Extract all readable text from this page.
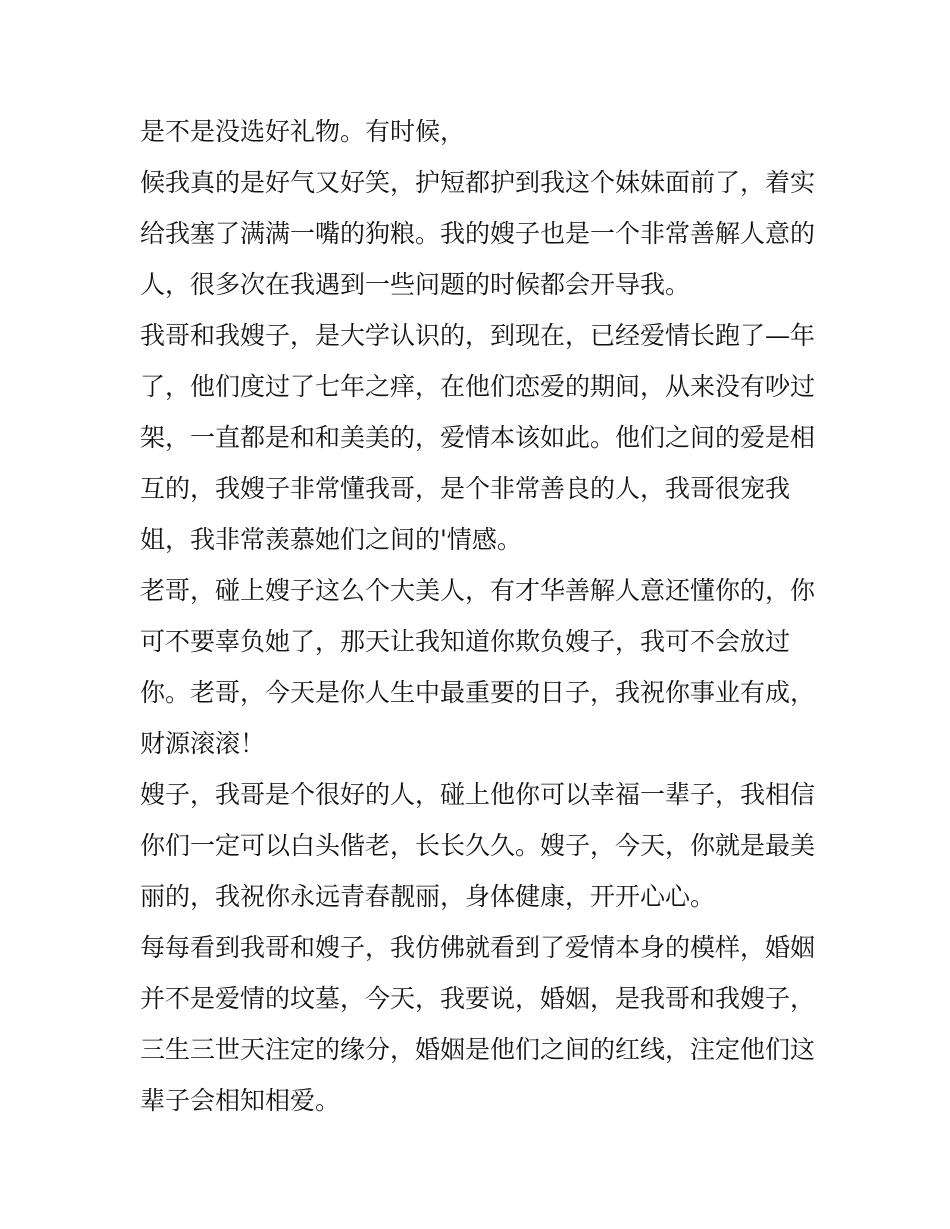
是不是没选好礼物。有时候，
候我真的是好气又好笑，护短都护到我这个妹妹面前了，着实
给我塞了满满一嘴的狗粮。我的嫂子也是一个非常善解人意的
人，很多次在我遇到一些问题的时候都会开导我。
我哥和我嫂子，是大学认识的，到现在，已经爱情长跑了—年
了，他们度过了七年之痒，在他们恋爱的期间，从来没有吵过
架，一直都是和和美美的，爱情本该如此。他们之间的爱是相
互的，我嫂子非常懂我哥，是个非常善良的人，我哥很宠我
姐，我非常羡慕她们之间的'情感。
老哥，碰上嫂子这么个大美人，有才华善解人意还懂你的，你
可不要辜负她了，那天让我知道你欺负嫂子，我可不会放过
你。老哥，今天是你人生中最重要的日子，我祝你事业有成，
财源滚滚！
嫂子，我哥是个很好的人，碰上他你可以幸福一辈子，我相信
你们一定可以白头偕老，长长久久。嫂子，今天，你就是最美
丽的，我祝你永远青春靓丽，身体健康，开开心心。
每每看到我哥和嫂子，我仿佛就看到了爱情本身的模样，婚姻
并不是爱情的坟墓，今天，我要说，婚姻，是我哥和我嫂子，
三生三世天注定的缘分，婚姻是他们之间的红线，注定他们这
辈子会相知相爱。
